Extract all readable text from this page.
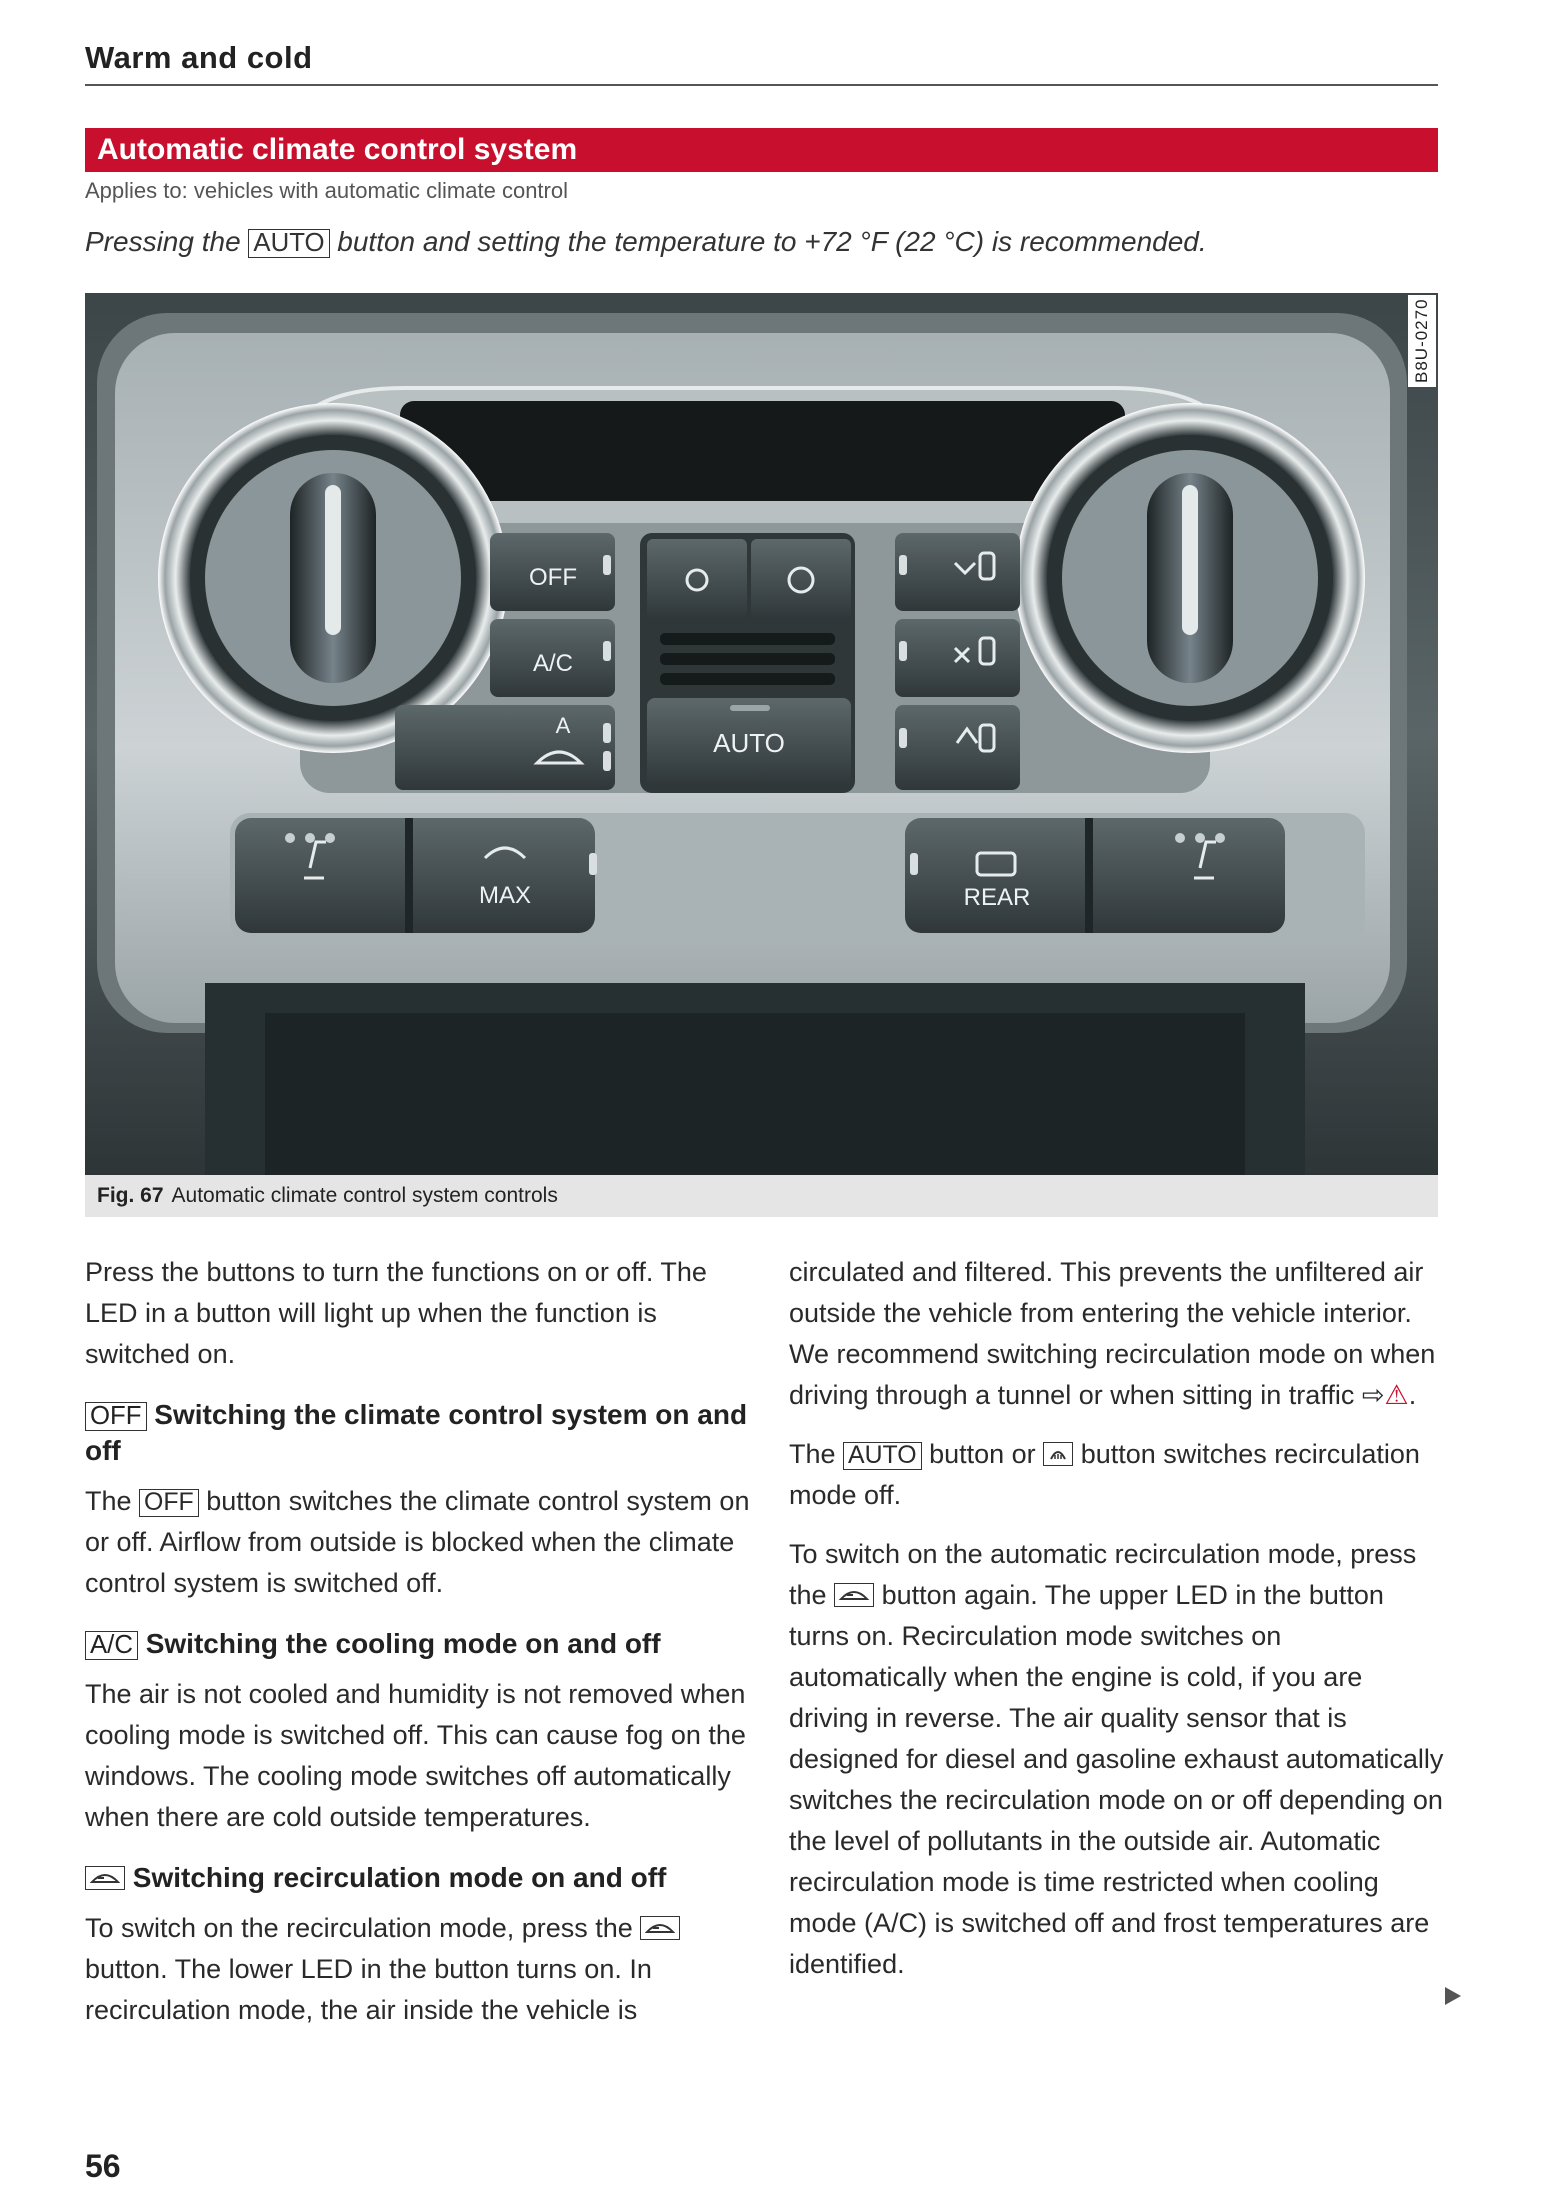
Warm and cold
Automatic climate control system
Applies to: vehicles with automatic climate control
Pressing the AUTO button and setting the temperature to +72 °F (22 °C) is recommended.
OFF
A/C
A
AUTO
MAX	REAR
B8U-0270
Fig. 67 Automatic climate control system controls

Press the buttons to turn the functions on or off. The LED in a button will light up when the function is switched on.

OFF Switching the climate control system on and off

The OFF button switches the climate control system on or off. Airflow from outside is blocked when the climate control system is switched off.

A/C Switching the cooling mode on and off

The air is not cooled and humidity is not removed when cooling mode is switched off. This can cause fog on the windows. The cooling mode switches off automatically when there are cold outside temperatures.

Switching recirculation mode on and off

To switch on the recirculation mode, press the
button. The lower LED in the button turns on. In recirculation mode, the air inside the vehicle is

circulated and filtered. This prevents the unfiltered air outside the vehicle from entering the vehicle interior. We recommend switching recirculation mode on when driving through a tunnel or when sitting in traffic ⇨⚠.

The AUTO button or button switches recirculation mode off.

To switch on the automatic recirculation mode, press the button again. The upper LED in the button turns on. Recirculation mode switches on automatically when the engine is cold, if you are driving in reverse. The air quality sensor that is designed for diesel and gasoline exhaust automatically switches the recirculation mode on or off depending on the level of pollutants in the outside air. Automatic recirculation mode is time restricted when cooling mode (A/C) is switched off and frost temperatures are identified.

56
